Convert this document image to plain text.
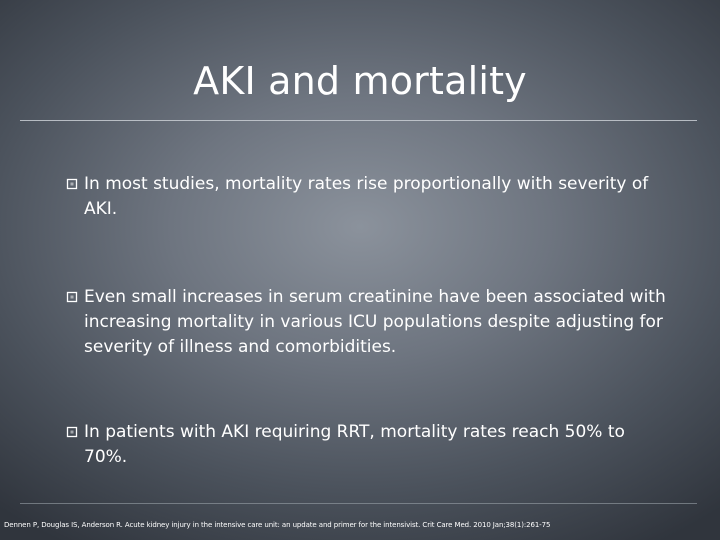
AKI and mortality
In most studies, mortality rates rise proportionally with severity of AKI.
Even small increases in serum creatinine have been associated with increasing mortality in various ICU populations despite adjusting for severity of illness and comorbidities.
In patients with AKI requiring RRT, mortality rates reach 50% to 70%.
Dennen P, Douglas IS, Anderson R. Acute kidney injury in the intensive care unit: an update and primer for the intensivist. Crit Care Med. 2010 Jan;38(1):261-75
